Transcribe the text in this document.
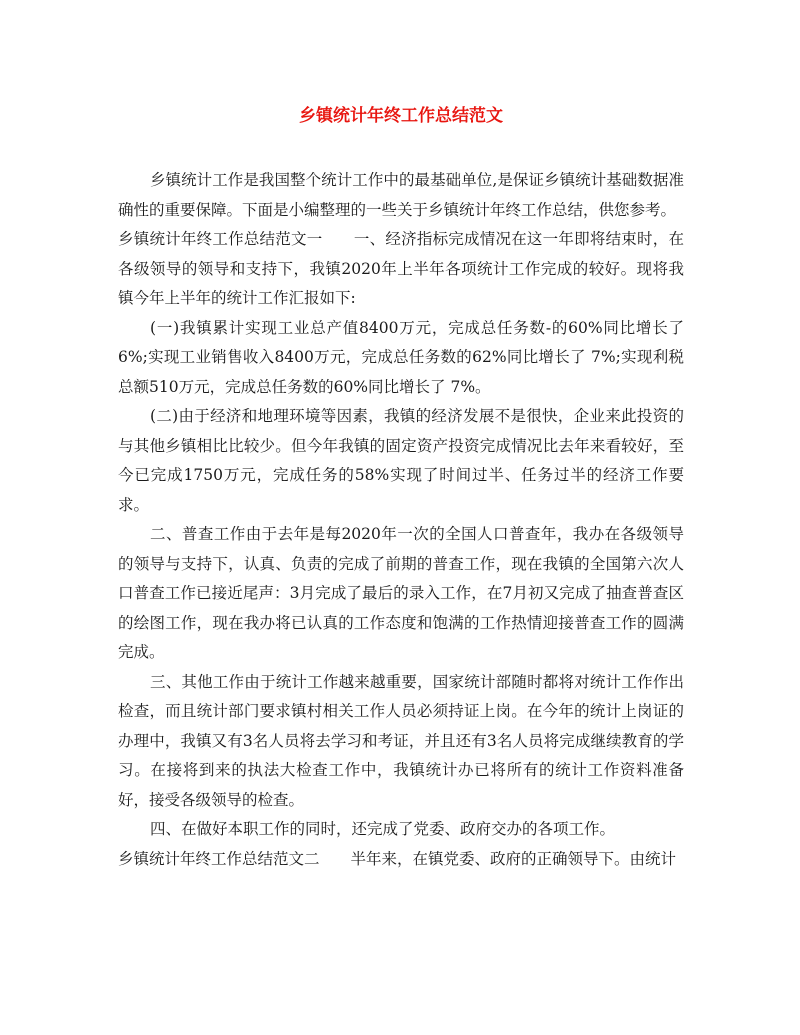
乡镇统计年终工作总结范文

乡镇统计工作是我国整个统计工作中的最基础单位,是保证乡镇统计基础数据准确性的重要保障。下面是小编整理的一些关于乡镇统计年终工作总结，供您参考。

乡镇统计年终工作总结范文一　　一、经济指标完成情况在这一年即将结束时，在各级领导的领导和支持下，我镇2020年上半年各项统计工作完成的较好。现将我镇今年上半年的统计工作汇报如下:

(一)我镇累计实现工业总产值8400万元，完成总任务数-的60%同比增长了6%;实现工业销售收入8400万元，完成总任务数的62%同比增长了 7%;实现利税总额510万元，完成总任务数的60%同比增长了 7%。

(二)由于经济和地理环境等因素，我镇的经济发展不是很快，企业来此投资的与其他乡镇相比比较少。但今年我镇的固定资产投资完成情况比去年来看较好，至今已完成1750万元，完成任务的58%实现了时间过半、任务过半的经济工作要求。

二、普查工作由于去年是每2020年一次的全国人口普查年，我办在各级领导的领导与支持下，认真、负责的完成了前期的普查工作，现在我镇的全国第六次人口普查工作已接近尾声：3月完成了最后的录入工作，在7月初又完成了抽查普查区的绘图工作，现在我办将已认真的工作态度和饱满的工作热情迎接普查工作的圆满完成。

三、其他工作由于统计工作越来越重要，国家统计部随时都将对统计工作作出检查，而且统计部门要求镇村相关工作人员必须持证上岗。在今年的统计上岗证的办理中，我镇又有3名人员将去学习和考证，并且还有3名人员将完成继续教育的学习。在接将到来的执法大检查工作中，我镇统计办已将所有的统计工作资料准备好，接受各级领导的检查。

四、在做好本职工作的同时，还完成了党委、政府交办的各项工作。

乡镇统计年终工作总结范文二　　半年来，在镇党委、政府的正确领导下。由统计
